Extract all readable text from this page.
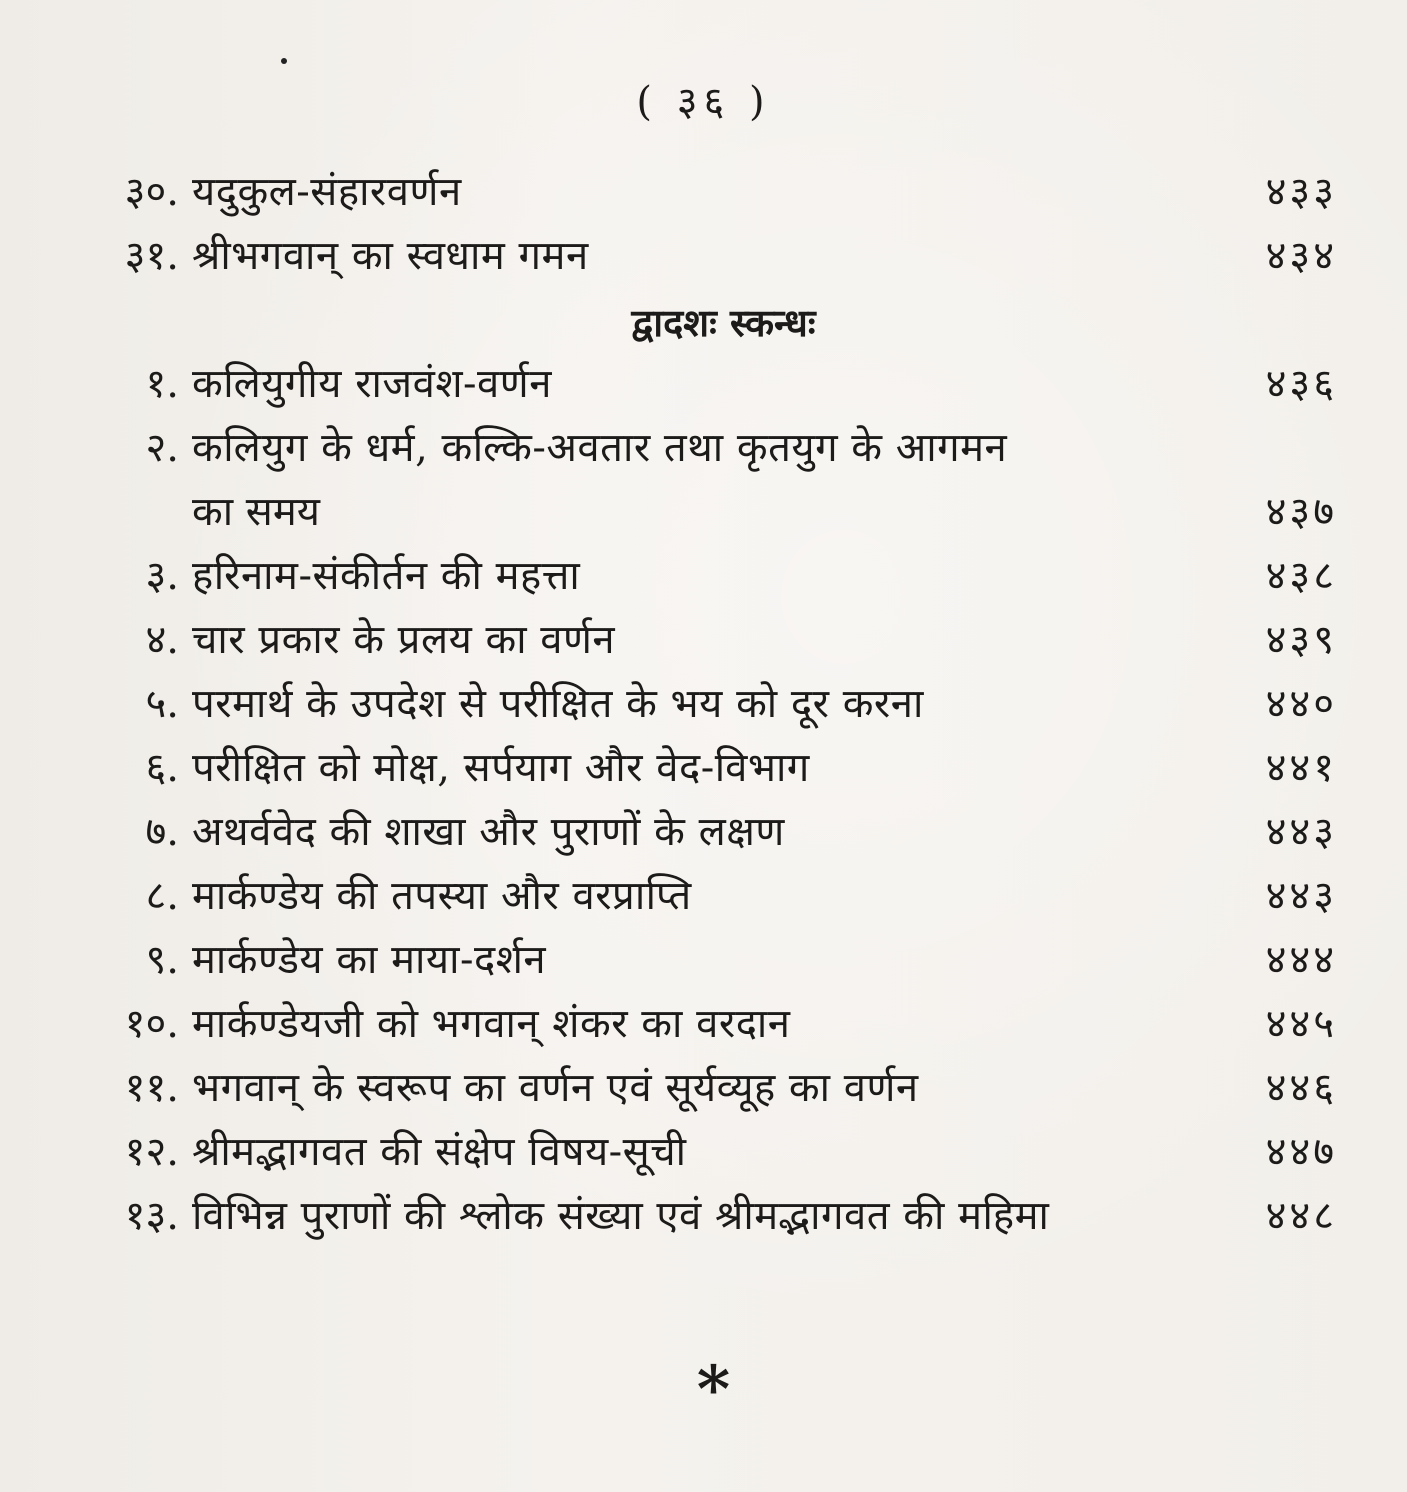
( ३६ )
३०. यदुकुल-संहारवर्णन	४३३
३१. श्रीभगवान् का स्वधाम गमन	४३४
द्वादशः स्कन्धः
१. कलियुगीय राजवंश-वर्णन	४३६
२. कलियुग के धर्म, कल्कि-अवतार तथा कृतयुग के आगमन
का समय	४३७
३. हरिनाम-संकीर्तन की महत्ता	४३८
४. चार प्रकार के प्रलय का वर्णन	४३९
५. परमार्थ के उपदेश से परीक्षित के भय को दूर करना	४४०
६. परीक्षित को मोक्ष, सर्पयाग और वेद-विभाग	४४१
७. अथर्ववेद की शाखा और पुराणों के लक्षण	४४३
८. मार्कण्डेय की तपस्या और वरप्राप्ति	४४३
९. मार्कण्डेय का माया-दर्शन	४४४
१०. मार्कण्डेयजी को भगवान् शंकर का वरदान	४४५
११. भगवान् के स्वरूप का वर्णन एवं सूर्यव्यूह का वर्णन	४४६
१२. श्रीमद्भागवत की संक्षेप विषय-सूची	४४७
१३. विभिन्न पुराणों की श्लोक संख्या एवं श्रीमद्भागवत की महिमा	४४८
*
